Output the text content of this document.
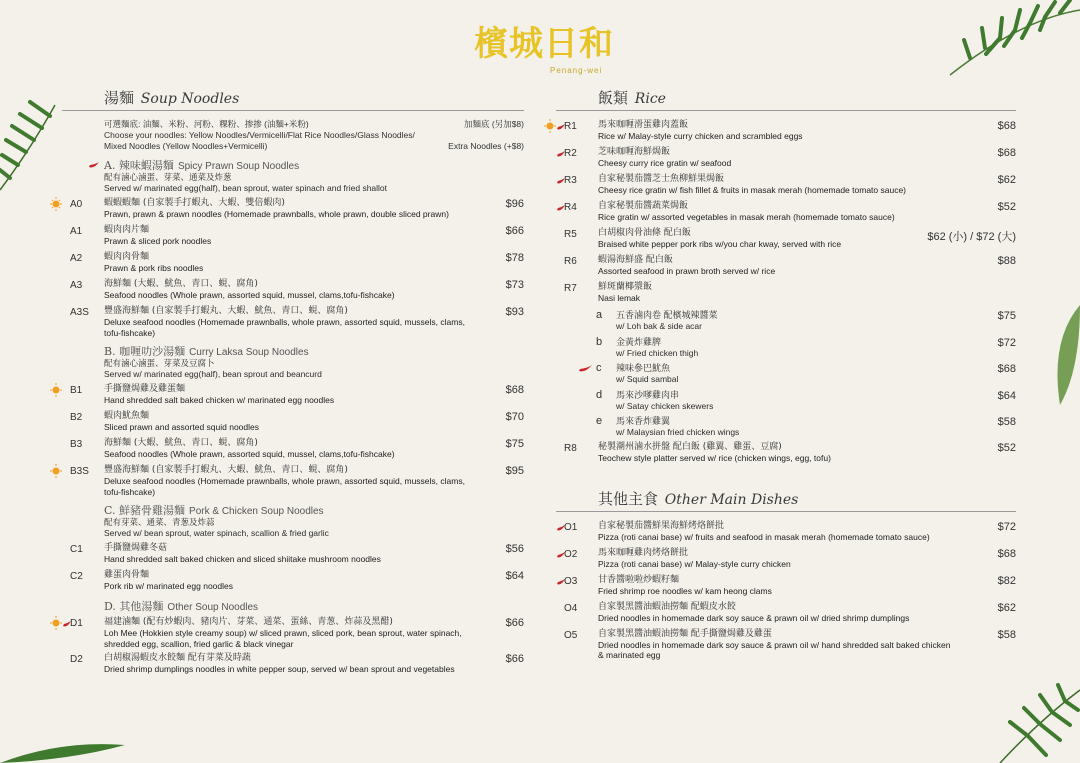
檳城日和
Penang-wei
湯麵 Soup Noodles
可選麵底: 油麵、米粉、河粉、粿粉、掺掺 (油麵+米粉)
Choose your noodles: Yellow Noodles/Vermicelli/Flat Rice Noodles/Glass Noodles/ Mixed Noodles (Yellow Noodles+Vermicelli)
加麵底 (另加$8)
Extra Noodles (+$8)
A. 辣味蝦湯麵 Spicy Prawn Soup Noodles
配有滷心滷蛋、芽菜、通菜及炸葱
Served w/ marinated egg(half), bean sprout, water spinach and fried shallot
A0 蝦蝦蝦麵 (自家製手打蝦丸、大蝦、雙倍蝦肉)
Prawn, prawn & prawn noodles (Homemade prawnballs, whole prawn, double sliced prawn)
$96
A1 蝦肉肉片麵
Prawn & sliced pork noodles
$66
A2 蝦肉肉骨麵
Prawn & pork ribs noodles
$78
A3 海鮮麵 (大蝦、魷魚、青口、蜆、腐角)
Seafood noodles (Whole prawn, assorted squid, mussel, clams,tofu-fishcake)
$73
A3S 豐盛海鮮麵 (自家製手打蝦丸、大蝦、魷魚、青口、蜆、腐角)
Deluxe seafood noodles (Homemade prawnballs, whole prawn, assorted squid, mussels, clams, tofu-fishcake)
$93
B. 咖喱叻沙湯麵 Curry Laksa Soup Noodles
配有滷心滷蛋、芽菜及豆腐卜
Served w/ marinated egg(half), bean sprout and beancurd
B1 手撕鹽焗雞及雞蛋麵
Hand shredded salt baked chicken w/ marinated egg noodles
$68
B2 蝦肉魷魚麵
Sliced prawn and assorted squid noodles
$70
B3 海鮮麵 (大蝦、魷魚、青口、蜆、腐角)
Seafood noodles (Whole prawn, assorted squid, mussel, clams,tofu-fishcake)
$75
B3S 豐盛海鮮麵 (自家製手打蝦丸、大蝦、魷魚、青口、蜆、腐角)
Deluxe seafood noodles (Homemade prawnballs, whole prawn, assorted squid, mussels, clams, tofu-fishcake)
$95
C. 鮮豬骨雞湯麵 Pork & Chicken Soup Noodles
配有芽菜、通菜、青葱及炸蒜
Served w/ bean sprout, water spinach, scallion & fried garlic
C1 手撕鹽焗雞冬菇
Hand shredded salt baked chicken and sliced shiitake mushroom noodles
$56
C2 雞蛋肉骨麵
Pork rib w/ marinated egg noodles
$64
D. 其他湯麵 Other Soup Noodles
D1 福建滷麵 (配有炒蝦肉、豬肉片、芽菜、通菜、蛋絲、青葱、炸蒜及黑醋)
Loh Mee (Hokkien style creamy soup) w/ sliced prawn, sliced pork, bean sprout, water spinach, shredded egg, scallion, fried garlic & black vinegar
$66
D2 白胡椒湯蝦皮水餃麵 配有芽菜及時蔬
Dried shrimp dumplings noodles in white pepper soup, served w/ bean sprout and vegetables
$66
飯類 Rice
R1 馬來咖喱滑蛋雞肉蓋飯
Rice w/ Malay-style curry chicken and scrambled eggs
$68
R2 芝味咖喱海鮮焗飯
Cheesy curry rice gratin w/ seafood
$68
R3 自家秘製茄醬芝士魚柳鮮果焗飯
Cheesy rice gratin w/ fish fillet & fruits in masak merah (homemade tomato sauce)
$62
R4 自家秘製茄醬蔬菜焗飯
Rice gratin w/ assorted vegetables in masak merah (homemade tomato sauce)
$52
R5 白胡椒肉骨油條 配白飯
Braised white pepper pork ribs w/you char kway, served with rice
$62 (小) / $72 (大)
R6 蝦湯海鮮盛 配白飯
Assorted seafood in prawn broth served w/ rice
$88
R7 鮮斑蘭椰漿飯
Nasi lemak
a 五香滷肉卷 配檳城辣醬菜
w/ Loh bak & side acar
$75
b 金黃炸雞脾
w/ Fried chicken thigh
$72
c 辣味參巴魷魚
w/ Squid sambal
$68
d 馬來沙嗲雞肉串
w/ Satay chicken skewers
$64
e 馬來香炸雞翼
w/ Malaysian fried chicken wings
$58
R8 秘製潮州滷水拼盤 配白飯 (雞翼、雞蛋、豆腐)
Teochew style platter served w/ rice (chicken wings, egg, tofu)
$52
其他主食 Other Main Dishes
O1 自家秘製茄醬鮮果海鮮烤烙餅批
Pizza (roti canai base) w/ fruits and seafood in masak merah (homemade tomato sauce)
$72
O2 馬來咖喱雞肉烤烙餅批
Pizza (roti canai base) w/ Malay-style curry chicken
$68
O3 甘香醬啦啦炒蝦籽麵
Fried shrimp roe noodles w/ kam heong clams
$82
O4 自家製黑醬油蝦油撈麵 配蝦皮水餃
Dried noodles in homemade dark soy sauce & prawn oil w/ dried shrimp dumplings
$62
O5 自家製黑醬油蝦油撈麵 配手撕鹽焗雞及雞蛋
Dried noodles in homemade dark soy sauce & prawn oil w/ hand shredded salt baked chicken & marinated egg
$58
